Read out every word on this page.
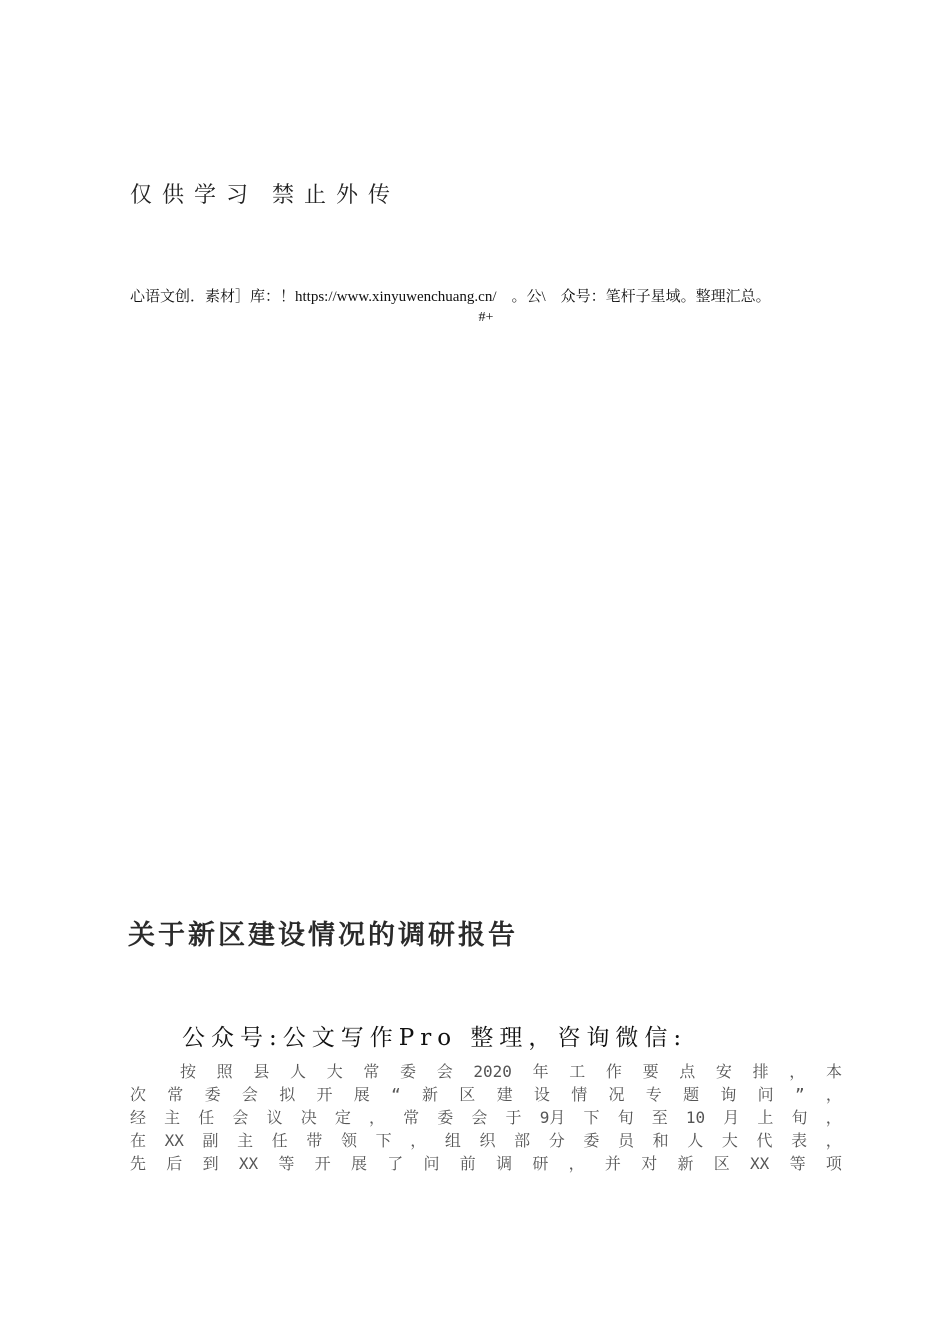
仅供学习 禁止外传
心语文创．素材］库：！https://www.xinyuwenchuang.cn/　。公\　众号：笔杆子星域。整理汇总。
#+
关于新区建设情况的调研报告
公众号:公文写作Pro 整理，咨询微信:
按 照 县 人 大 常 委 会 2020 年 工 作 要 点 安 排 ， 本
次 常 委 会 拟 开 展 “ 新 区 建 设 情 况 专 题 询 问 ” ，
经 主 任 会 议 决 定 ， 常 委 会 于 9月 下 旬 至 10 月 上 旬 ，
在 XX 副 主 任 带 领 下 ， 组 织 部 分 委 员 和 人 大 代 表 ，
先 后 到 XX 等 开 展 了 问 前 调 研 ， 并 对 新 区 XX 等 项
